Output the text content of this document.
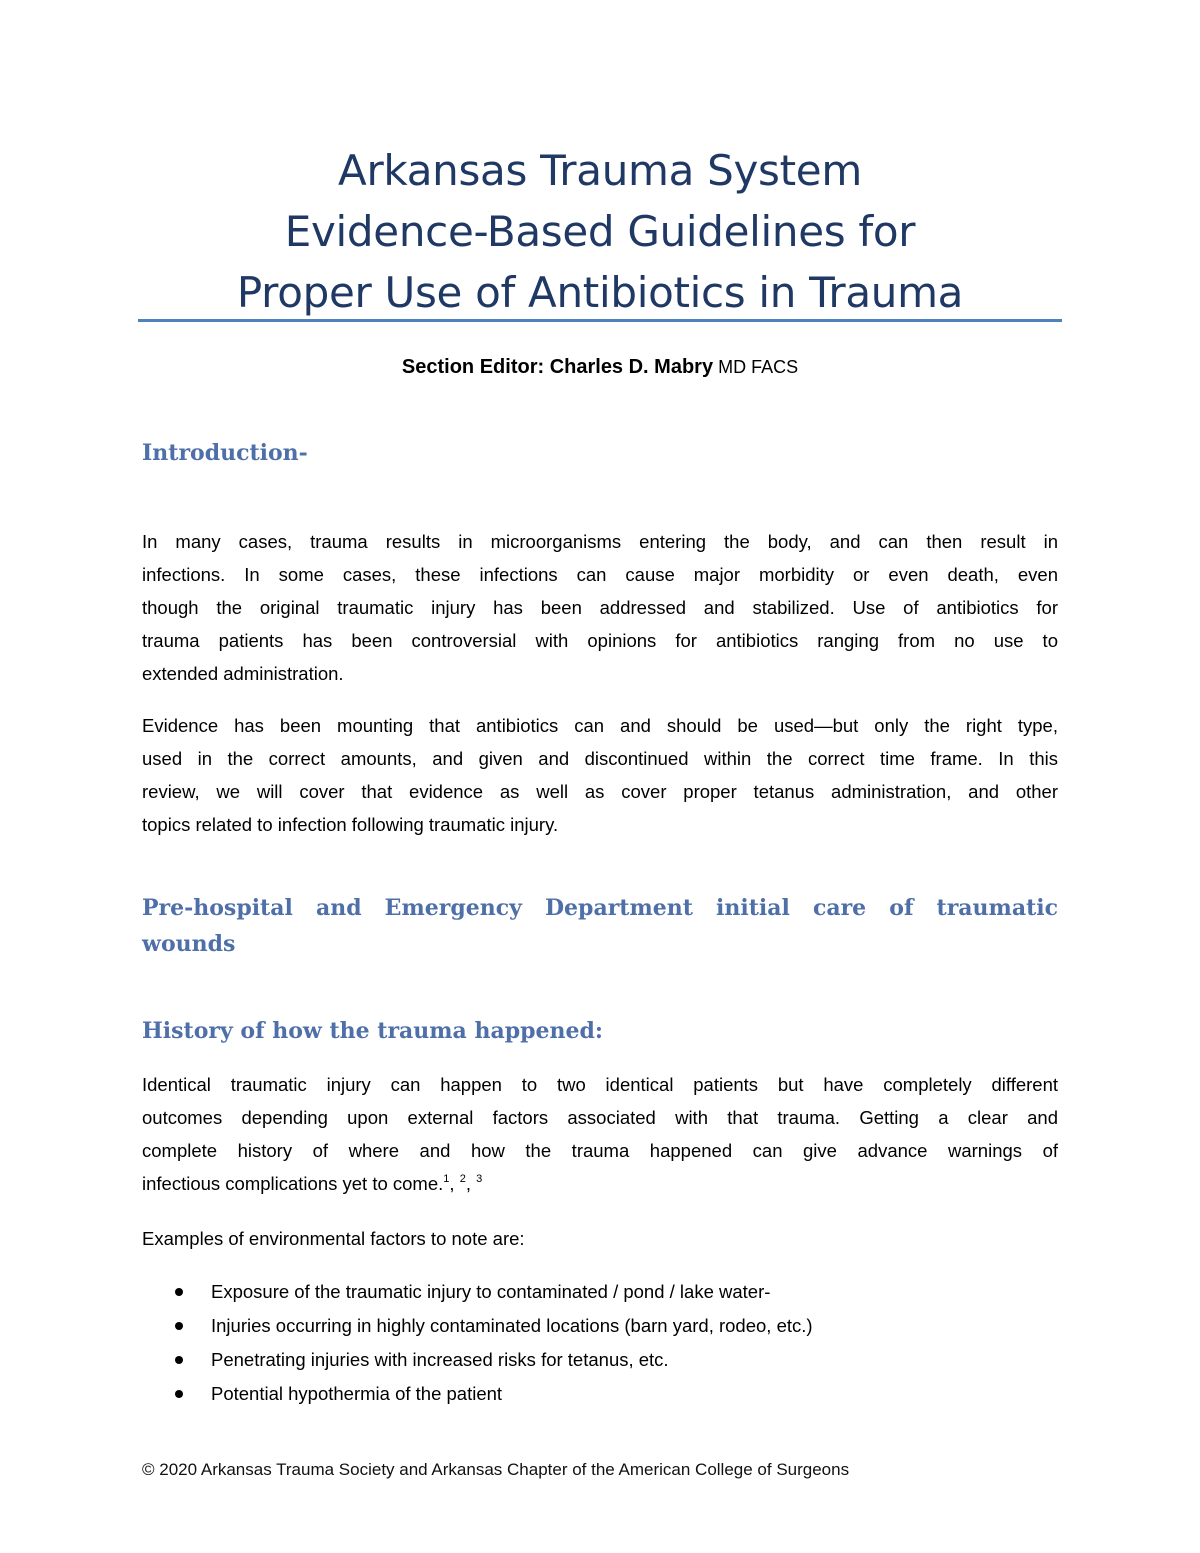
Arkansas Trauma System
Evidence-Based Guidelines for
Proper Use of Antibiotics in Trauma
Section Editor: Charles D. Mabry MD FACS
Introduction-
In many cases, trauma results in microorganisms entering the body, and can then result in
infections. In some cases, these infections can cause major morbidity or even death, even
though the original traumatic injury has been addressed and stabilized. Use of antibiotics for
trauma patients has been controversial with opinions for antibiotics ranging from no use to
extended administration.
Evidence has been mounting that antibiotics can and should be used—but only the right type,
used in the correct amounts, and given and discontinued within the correct time frame. In this
review, we will cover that evidence as well as cover proper tetanus administration, and other
topics related to infection following traumatic injury.
Pre-hospital and Emergency Department initial care of traumatic
wounds
History of how the trauma happened:
Identical traumatic injury can happen to two identical patients but have completely different
outcomes depending upon external factors associated with that trauma. Getting a clear and
complete history of where and how the trauma happened can give advance warnings of
infectious complications yet to come.$^1$, $^2$, $^3$
Examples of environmental factors to note are:
Exposure of the traumatic injury to contaminated / pond / lake water-
Injuries occurring in highly contaminated locations (barn yard, rodeo, etc.)
Penetrating injuries with increased risks for tetanus, etc.
Potential hypothermia of the patient
© 2020 Arkansas Trauma Society and Arkansas Chapter of the American College of Surgeons
